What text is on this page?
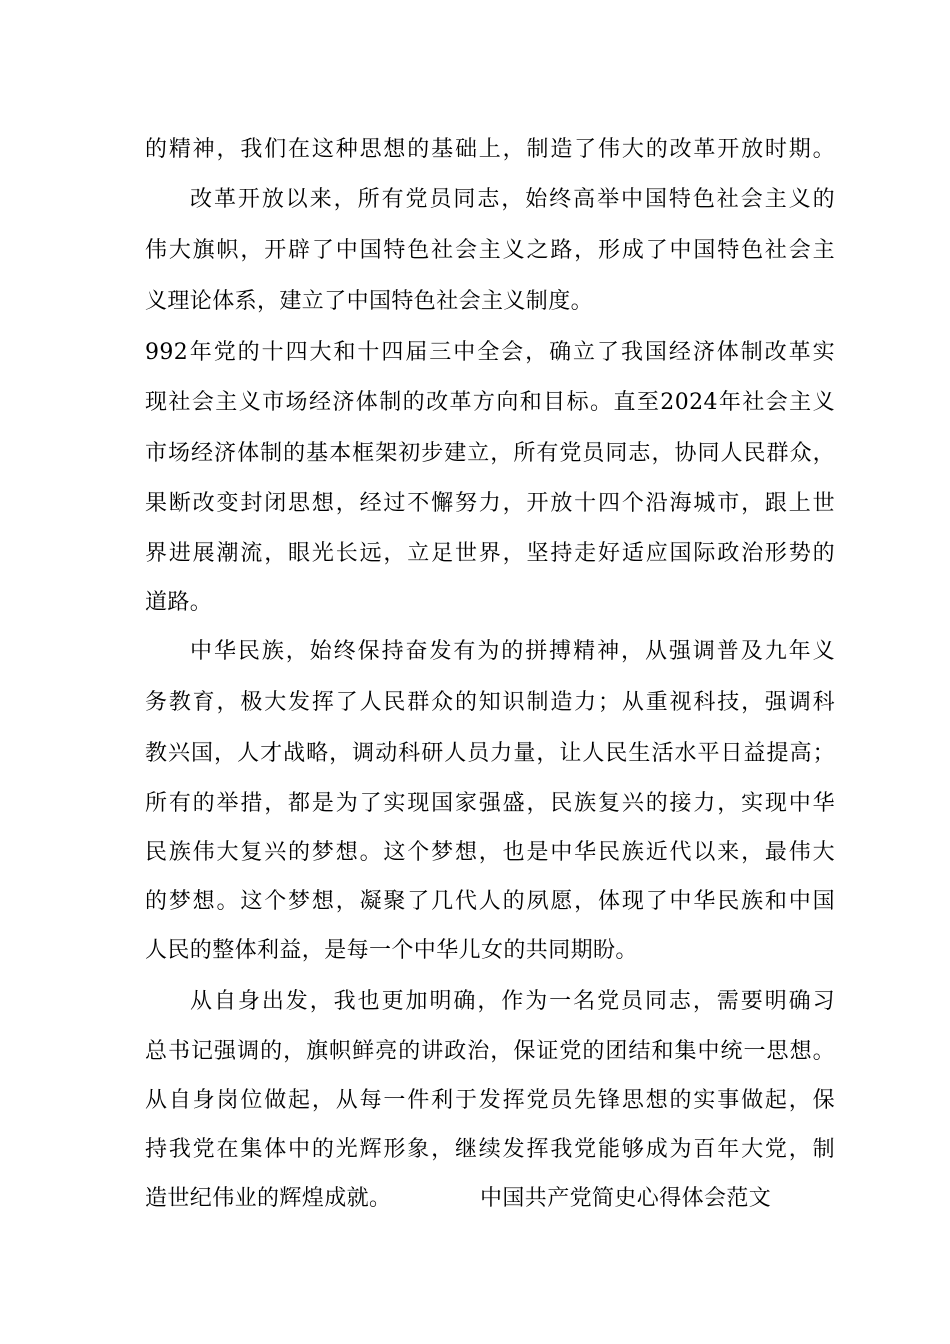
的精神，我们在这种思想的基础上，制造了伟大的改革开放时期。
改革开放以来，所有党员同志，始终高举中国特色社会主义的
伟大旗帜，开辟了中国特色社会主义之路，形成了中国特色社会主
义理论体系，建立了中国特色社会主义制度。
992年党的十四大和十四届三中全会，确立了我国经济体制改革实
现社会主义市场经济体制的改革方向和目标。直至2024年社会主义
市场经济体制的基本框架初步建立，所有党员同志，协同人民群众，
果断改变封闭思想，经过不懈努力，开放十四个沿海城市，跟上世
界进展潮流，眼光长远，立足世界，坚持走好适应国际政治形势的
道路。
中华民族，始终保持奋发有为的拼搏精神，从强调普及九年义
务教育，极大发挥了人民群众的知识制造力；从重视科技，强调科
教兴国，人才战略，调动科研人员力量，让人民生活水平日益提高；
所有的举措，都是为了实现国家强盛，民族复兴的接力，实现中华
民族伟大复兴的梦想。这个梦想，也是中华民族近代以来，最伟大
的梦想。这个梦想，凝聚了几代人的夙愿，体现了中华民族和中国
人民的整体利益，是每一个中华儿女的共同期盼。
从自身出发，我也更加明确，作为一名党员同志，需要明确习
总书记强调的，旗帜鲜亮的讲政治，保证党的团结和集中统一思想。
从自身岗位做起，从每一件利于发挥党员先锋思想的实事做起，保
持我党在集体中的光辉形象，继续发挥我党能够成为百年大党，制
造世纪伟业的辉煌成就。	中国共产党简史心得体会范文
